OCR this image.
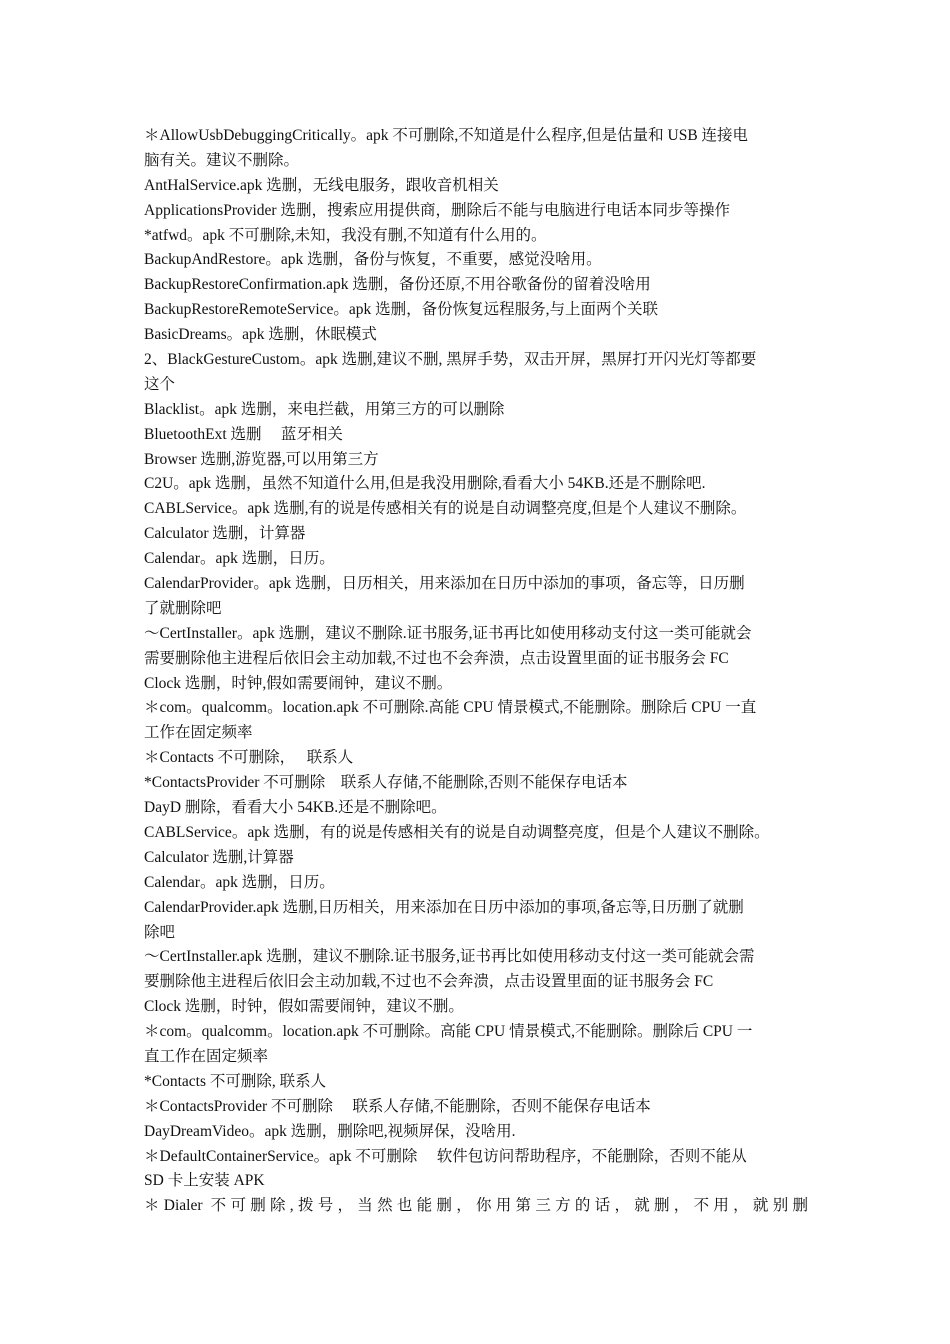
＊AllowUsbDebuggingCritically。apk 不可删除,不知道是什么程序,但是估量和 USB 连接电
脑有关。建议不删除。
AntHalService.apk 选删，无线电服务，跟收音机相关
ApplicationsProvider 选删，搜索应用提供商，删除后不能与电脑进行电话本同步等操作
*atfwd。apk 不可删除,未知，我没有删,不知道有什么用的。
BackupAndRestore。apk 选删，备份与恢复，不重要，感觉没啥用。
BackupRestoreConfirmation.apk 选删，备份还原,不用谷歌备份的留着没啥用
BackupRestoreRemoteService。apk 选删，备份恢复远程服务,与上面两个关联
BasicDreams。apk 选删，休眠模式
2、BlackGestureCustom。apk 选删,建议不删, 黑屏手势，双击开屏，黑屏打开闪光灯等都要
这个
Blacklist。apk 选删，来电拦截，用第三方的可以删除
BluetoothExt 选删　 蓝牙相关
Browser 选删,游览器,可以用第三方
C2U。apk 选删，虽然不知道什么用,但是我没用删除,看看大小 54KB.还是不删除吧.
CABLService。apk 选删,有的说是传感相关有的说是自动调整亮度,但是个人建议不删除。
Calculator 选删，计算器
Calendar。apk 选删，日历。
CalendarProvider。apk 选删，日历相关，用来添加在日历中添加的事项，备忘等，日历删
了就删除吧
～CertInstaller。apk 选删，建议不删除.证书服务,证书再比如使用移动支付这一类可能就会
需要删除他主进程后依旧会主动加载,不过也不会奔溃，点击设置里面的证书服务会 FC
Clock 选删，时钟,假如需要闹钟，建议不删。
＊com。qualcomm。location.apk 不可删除.高能 CPU 情景模式,不能删除。删除后 CPU 一直
工作在固定频率
＊Contacts 不可删除，　 联系人
*ContactsProvider 不可删除　联系人存储,不能删除,否则不能保存电话本
DayD 删除，看看大小 54KB.还是不删除吧。
CABLService。apk 选删，有的说是传感相关有的说是自动调整亮度，但是个人建议不删除。
Calculator 选删,计算器
Calendar。apk 选删，日历。
CalendarProvider.apk 选删,日历相关，用来添加在日历中添加的事项,备忘等,日历删了就删
除吧
～CertInstaller.apk 选删，建议不删除.证书服务,证书再比如使用移动支付这一类可能就会需
要删除他主进程后依旧会主动加载,不过也不会奔溃，点击设置里面的证书服务会 FC
Clock 选删，时钟，假如需要闹钟，建议不删。
＊com。qualcomm。location.apk 不可删除。高能 CPU 情景模式,不能删除。删除后 CPU 一
直工作在固定频率
*Contacts 不可删除, 联系人
＊ContactsProvider 不可删除　 联系人存储,不能删除，否则不能保存电话本
DayDreamVideo。apk 选删，删除吧,视频屏保，没啥用.
＊DefaultContainerService。apk 不可删除　 软件包访问帮助程序，不能删除，否则不能从
SD 卡上安装 APK
＊Dialer 不可删除,拨号，当然也能删，你用第三方的话，就删，不用，就别删
